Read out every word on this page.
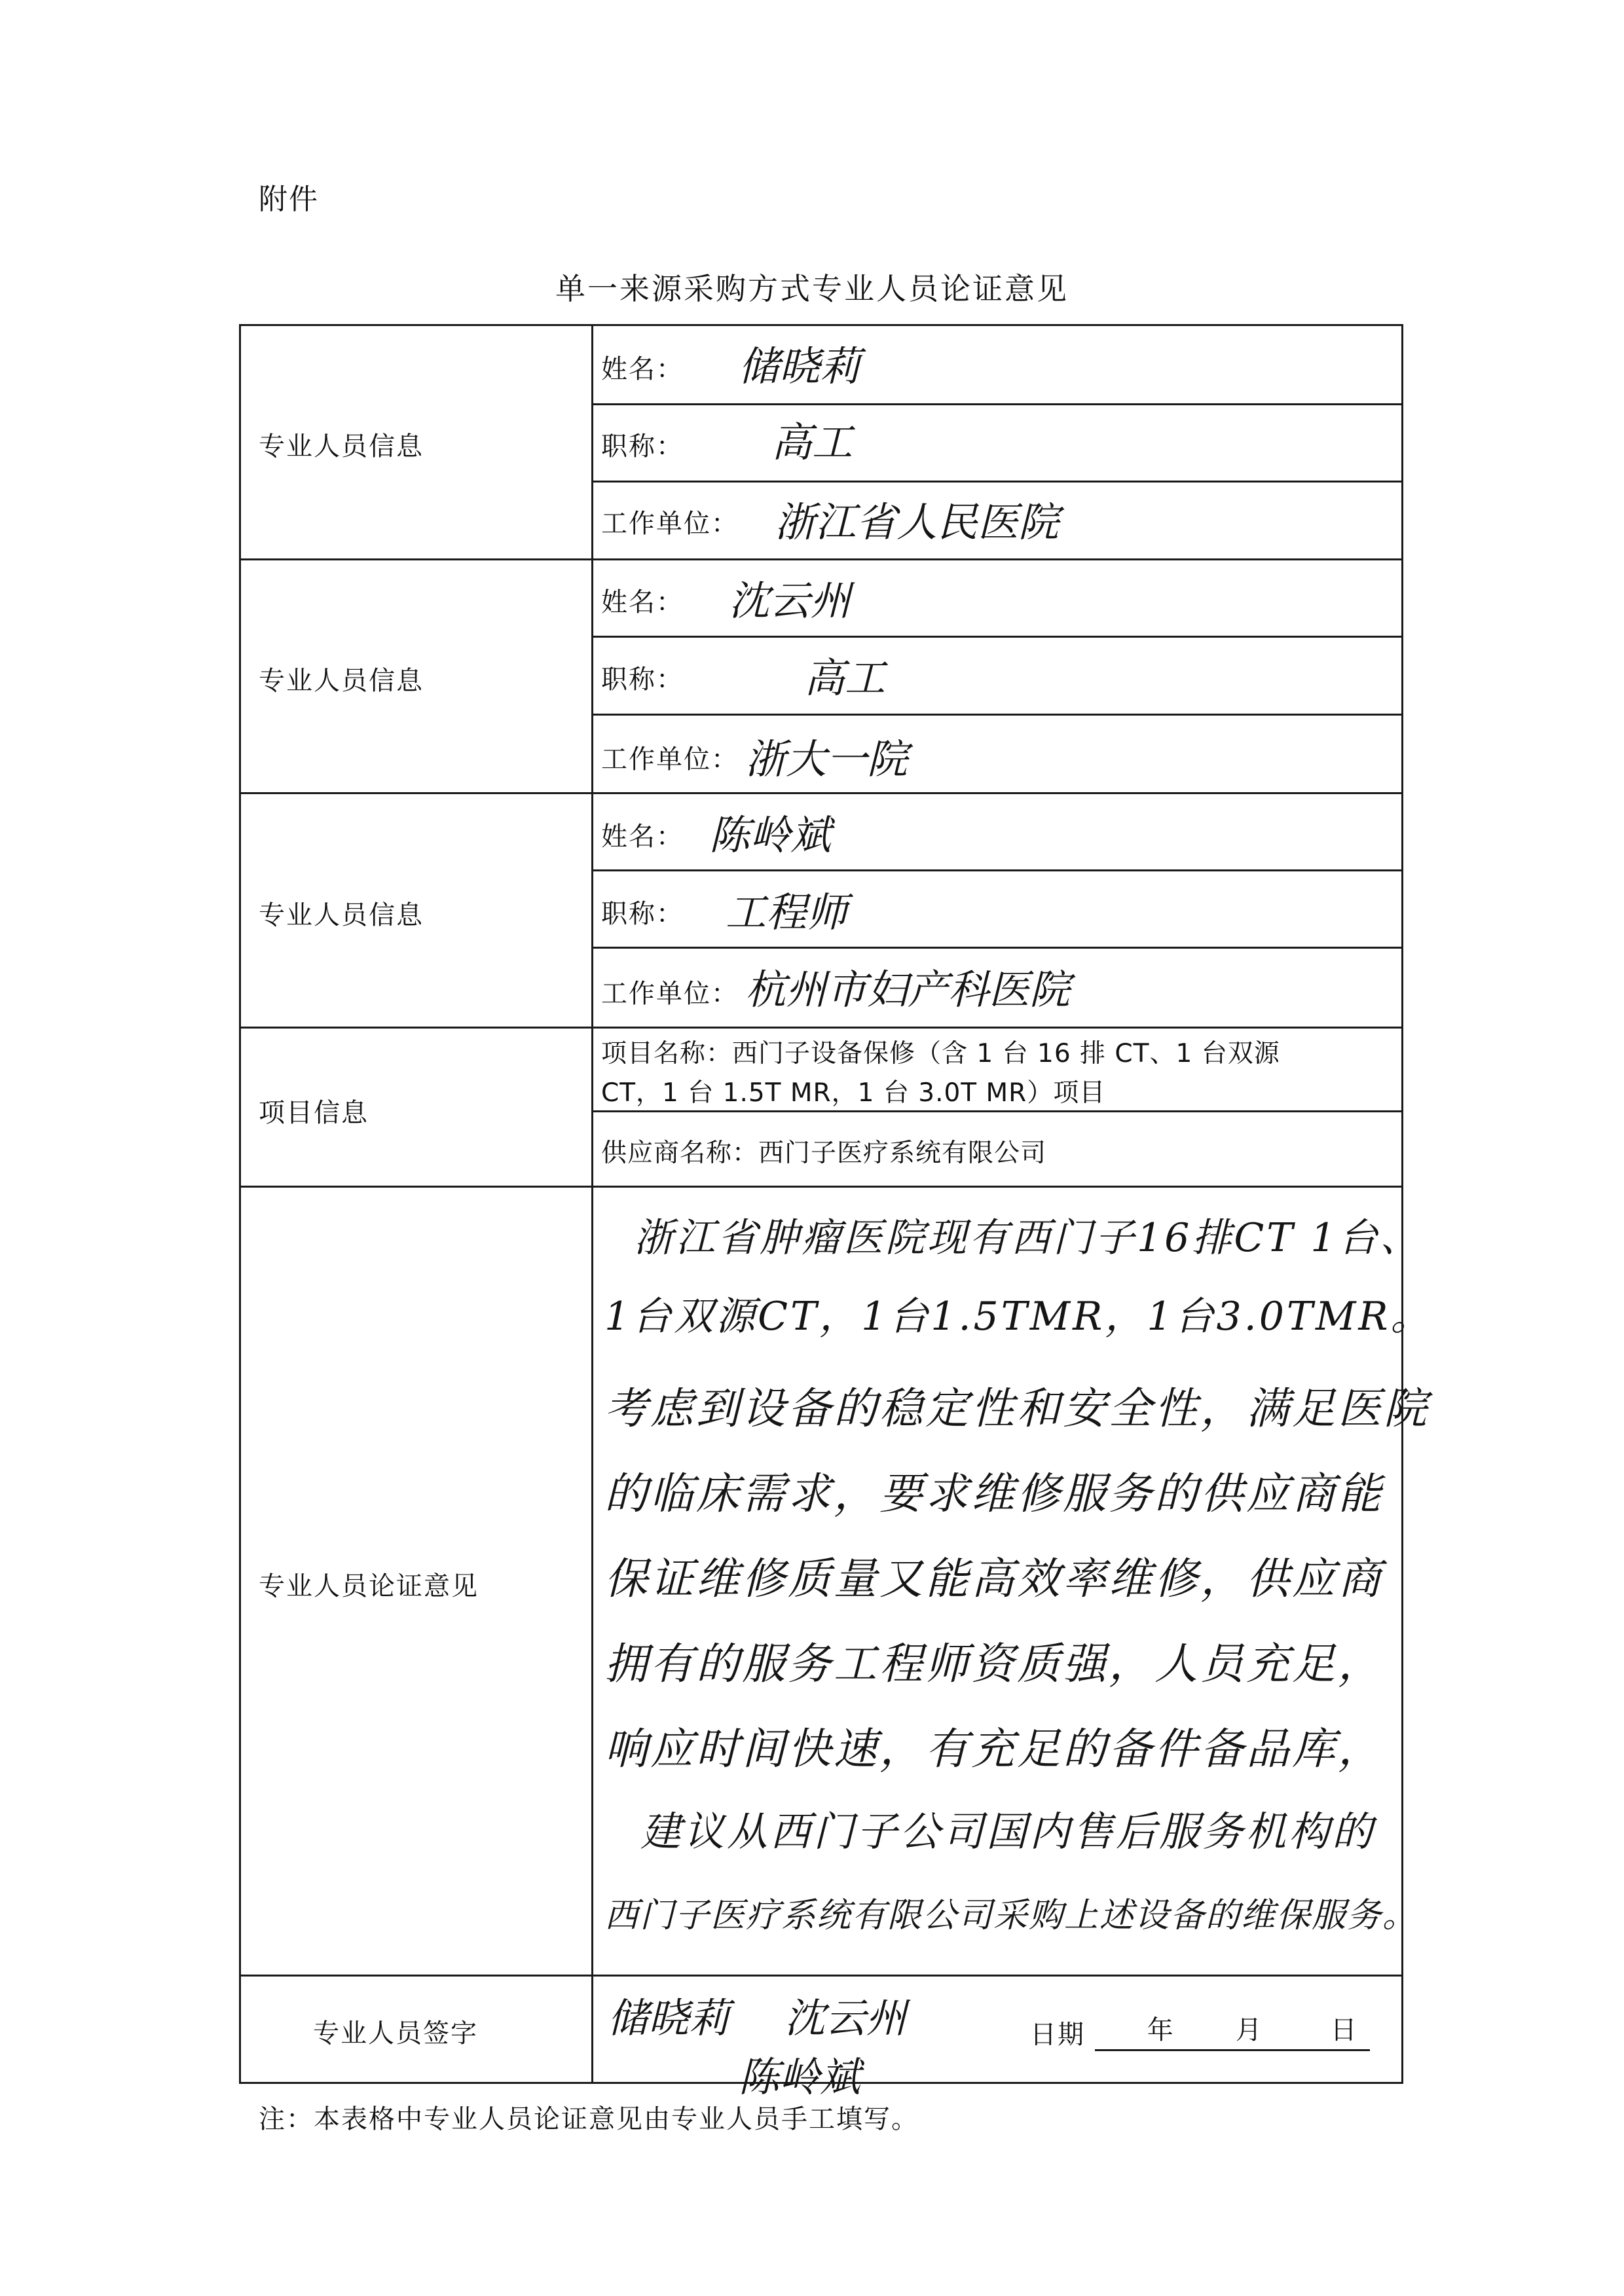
附件
单一来源采购方式专业人员论证意见
专业人员信息
姓名： 储晓莉
职称： 高工
工作单位： 浙江省人民医院
专业人员信息
姓名： 沈云州
职称：	高工
工作单位： 浙大一院
专业人员信息
姓名： 陈岭斌
职称： 工程师
工作单位： 杭州市妇产科医院
项目信息
项目名称：西门子设备保修（含 1 台 16 排 CT、1 台双源
CT，1 台 1.5T MR，1 台 3.0T MR）项目
供应商名称：西门子医疗系统有限公司
专业人员论证意见
浙江省肿瘤医院现有西门子16排CT 1台、
1台双源CT，1台1.5TMR，1台3.0TMR。
考虑到设备的稳定性和安全性，满足医院
的临床需求，要求维修服务的供应商能
保证维修质量又能高效率维修，供应商
拥有的服务工程师资质强，人员充足，
响应时间快速，有充足的备件备品库，
建议从西门子公司国内售后服务机构的
西门子医疗系统有限公司采购上述设备的维保服务。
专业人员签字	储晓莉 沈云州
陈岭斌
日期 年 月	日
注：本表格中专业人员论证意见由专业人员手工填写。
